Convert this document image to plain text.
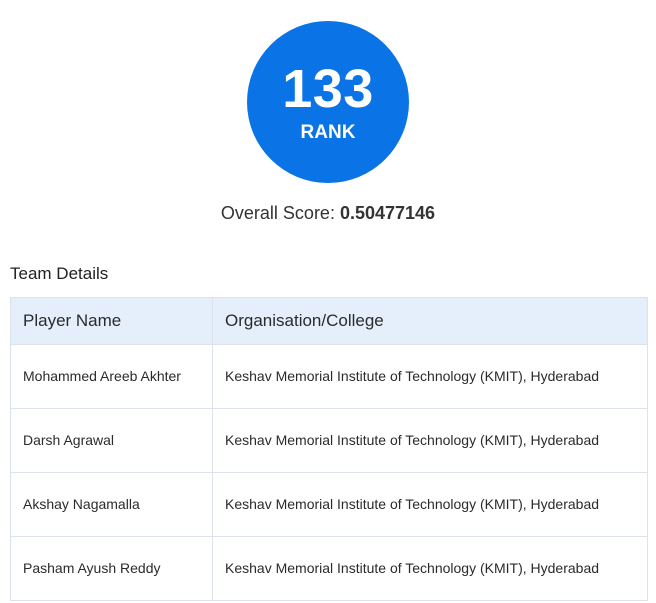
133
RANK
Overall Score: 0.50477146
Team Details
Player Name	Organisation/College
Mohammed Areeb Akhter	Keshav Memorial Institute of Technology (KMIT), Hyderabad
Darsh Agrawal	Keshav Memorial Institute of Technology (KMIT), Hyderabad
Akshay Nagamalla	Keshav Memorial Institute of Technology (KMIT), Hyderabad
Pasham Ayush Reddy	Keshav Memorial Institute of Technology (KMIT), Hyderabad
